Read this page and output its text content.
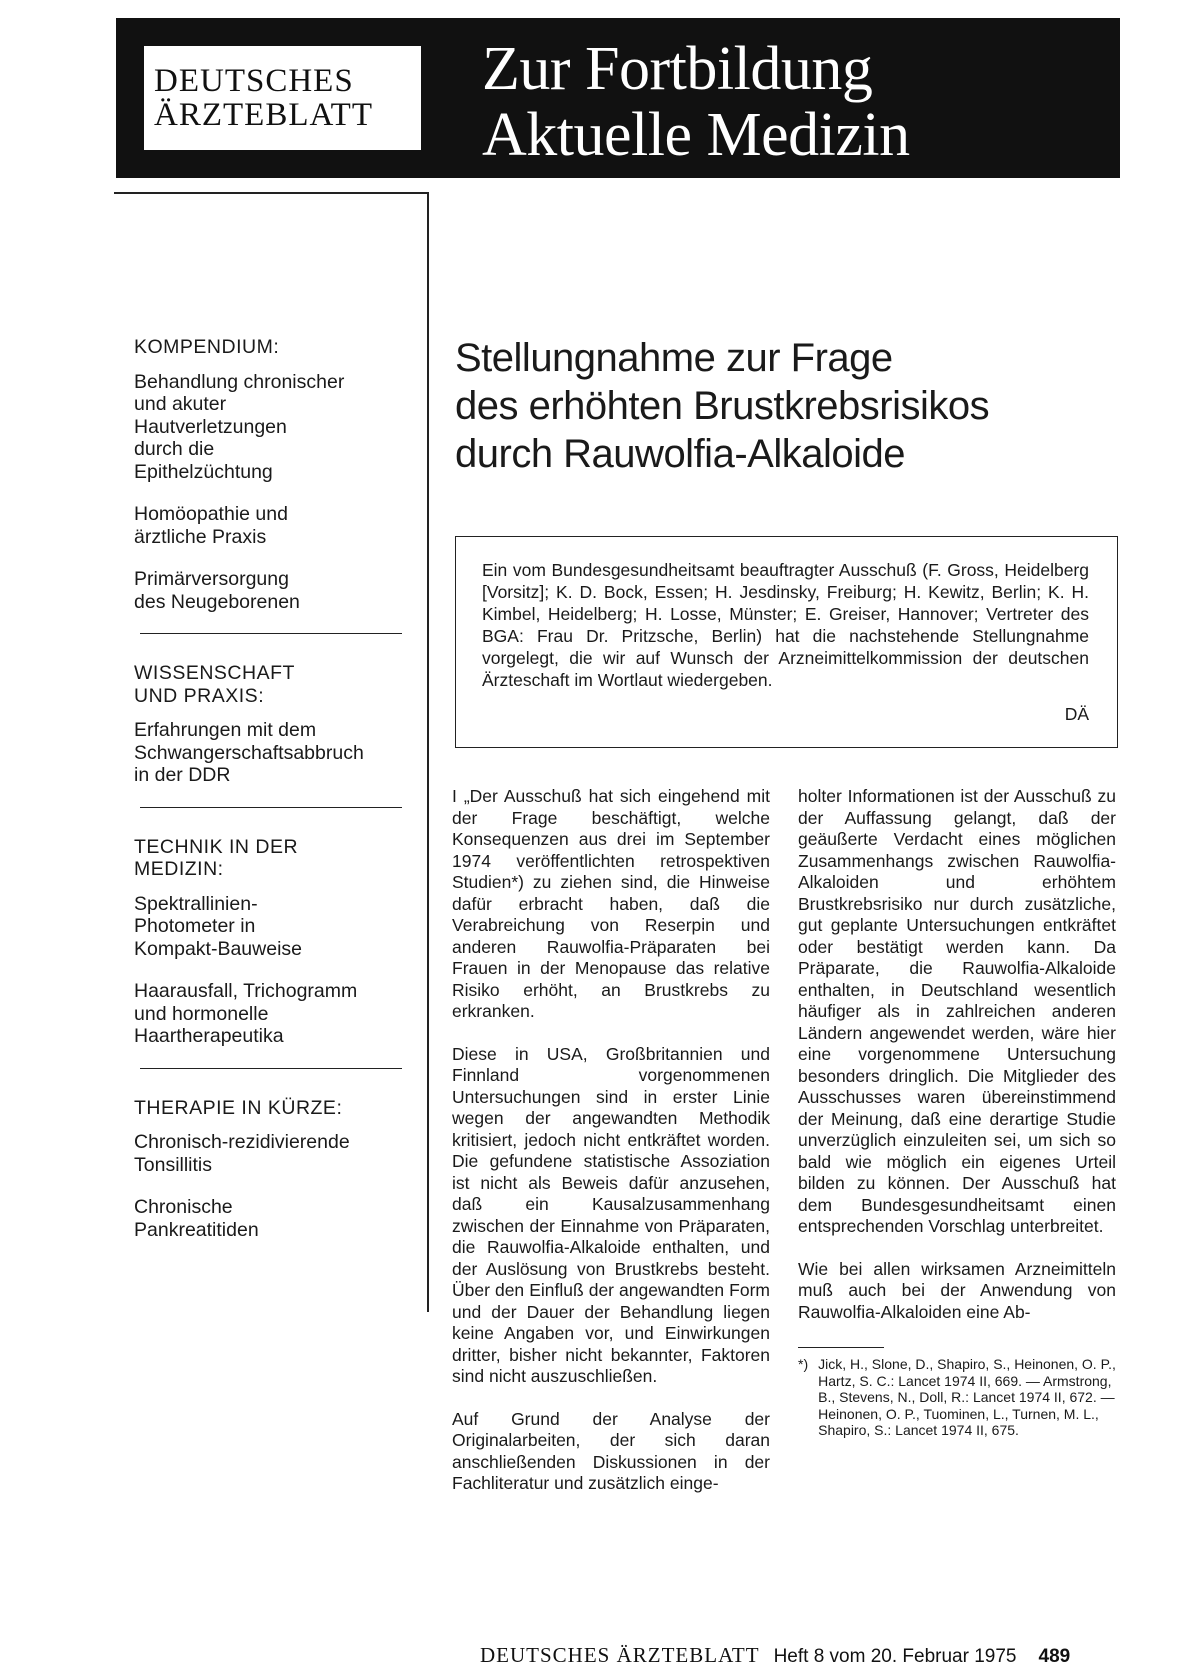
DEUTSCHES
ÄRZTEBLATT
Zur Fortbildung
Aktuelle Medizin

KOMPENDIUM:

Behandlung chronischer

und akuter

Hautverletzungen

durch die

Epithelzüchtung

Homöopathie und

ärztliche Praxis

Primärversorgung

des Neugeborenen

WISSENSCHAFT

UND PRAXIS:

Erfahrungen mit dem

Schwangerschaftsabbruch

in der DDR

TECHNIK IN DER

MEDIZIN:

Spektrallinien-

Photometer in

Kompakt-Bauweise

Haarausfall, Trichogramm

und hormonelle

Haartherapeutika

THERAPIE IN KÜRZE:

Chronisch-rezidivierende

Tonsillitis

Chronische

Pankreatitiden

Stellungnahme zur Frage

des erhöhten Brustkrebsrisikos

durch Rauwolfia-Alkaloide

Ein vom Bundesgesundheitsamt beauftragter Ausschuß (F. Gross, Heidelberg [Vorsitz]; K. D. Bock, Essen; H. Jesdinsky, Freiburg; H. Kewitz, Berlin; K. H. Kimbel, Heidelberg; H. Losse, Münster; E. Greiser, Hannover; Vertreter des BGA: Frau Dr. Pritzsche, Berlin) hat die nachstehende Stellungnahme vorgelegt, die wir auf Wunsch der Arzneimittelkommission der deutschen Ärzteschaft im Wortlaut wiedergeben.

DÄ

I „Der Ausschuß hat sich eingehend mit der Frage beschäftigt, welche Konsequenzen aus drei im September 1974 veröffentlichten retrospektiven Studien*) zu ziehen sind, die Hinweise dafür erbracht haben, daß die Verabreichung von Reserpin und anderen Rauwolfia-Präparaten bei Frauen in der Menopause das relative Risiko erhöht, an Brustkrebs zu erkranken.

Diese in USA, Großbritannien und Finnland vorgenommenen Untersuchungen sind in erster Linie wegen der angewandten Methodik kritisiert, jedoch nicht entkräftet worden. Die gefundene statistische Assoziation ist nicht als Beweis dafür anzusehen, daß ein Kausalzusammenhang zwischen der Einnahme von Präparaten, die Rauwolfia-Alkaloide enthalten, und der Auslösung von Brustkrebs besteht. Über den Einfluß der angewandten Form und der Dauer der Behandlung liegen keine Angaben vor, und Einwirkungen dritter, bisher nicht bekannter, Faktoren sind nicht auszuschließen.

Auf Grund der Analyse der Originalarbeiten, der sich daran anschließenden Diskussionen in der Fachliteratur und zusätzlich einge-

holter Informationen ist der Ausschuß zu der Auffassung gelangt, daß der geäußerte Verdacht eines möglichen Zusammenhangs zwischen Rauwolfia-Alkaloiden und erhöhtem Brustkrebsrisiko nur durch zusätzliche, gut geplante Untersuchungen entkräftet oder bestätigt werden kann. Da Präparate, die Rauwolfia-Alkaloide enthalten, in Deutschland wesentlich häufiger als in zahlreichen anderen Ländern angewendet werden, wäre hier eine vorgenommene Untersuchung besonders dringlich. Die Mitglieder des Ausschusses waren übereinstimmend der Meinung, daß eine derartige Studie unverzüglich einzuleiten sei, um sich so bald wie möglich ein eigenes Urteil bilden zu können. Der Ausschuß hat dem Bundesgesundheitsamt einen entsprechenden Vorschlag unterbreitet.

Wie bei allen wirksamen Arzneimitteln muß auch bei der Anwendung von Rauwolfia-Alkaloiden eine Ab-

*) Jick, H., Slone, D., Shapiro, S., Heinonen, O. P., Hartz, S. C.: Lancet 1974 II, 669. — Armstrong, B., Stevens, N., Doll, R.: Lancet 1974 II, 672. — Heinonen, O. P., Tuominen, L., Turnen, M. L., Shapiro, S.: Lancet 1974 II, 675.
DEUTSCHES ÄRZTEBLATT Heft 8 vom 20. Februar 1975 489
